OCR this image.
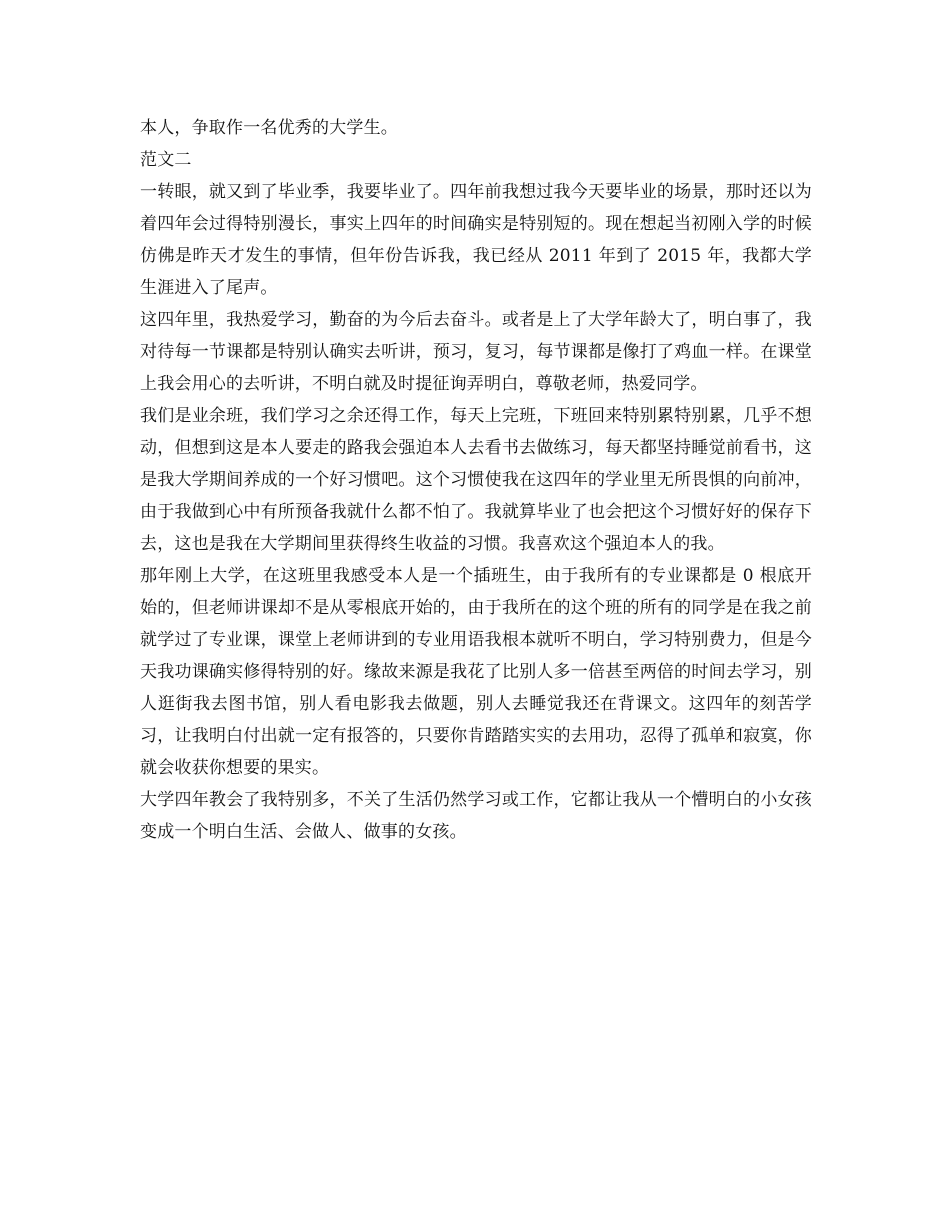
本人，争取作一名优秀的大学生。

范文二

一转眼，就又到了毕业季，我要毕业了。四年前我想过我今天要毕业的场景，那时还以为着四年会过得特别漫长，事实上四年的时间确实是特别短的。现在想起当初刚入学的时候仿佛是昨天才发生的事情，但年份告诉我，我已经从 2011 年到了 2015 年，我都大学生涯进入了尾声。

这四年里，我热爱学习，勤奋的为今后去奋斗。或者是上了大学年龄大了，明白事了，我对待每一节课都是特别认确实去听讲，预习，复习，每节课都是像打了鸡血一样。在课堂上我会用心的去听讲，不明白就及时提征询弄明白，尊敬老师，热爱同学。

我们是业余班，我们学习之余还得工作，每天上完班，下班回来特别累特别累，几乎不想动，但想到这是本人要走的路我会强迫本人去看书去做练习，每天都坚持睡觉前看书，这是我大学期间养成的一个好习惯吧。这个习惯使我在这四年的学业里无所畏惧的向前冲，由于我做到心中有所预备我就什么都不怕了。我就算毕业了也会把这个习惯好好的保存下去，这也是我在大学期间里获得终生收益的习惯。我喜欢这个强迫本人的我。

那年刚上大学，在这班里我感受本人是一个插班生，由于我所有的专业课都是 0 根底开始的，但老师讲课却不是从零根底开始的，由于我所在的这个班的所有的同学是在我之前就学过了专业课，课堂上老师讲到的专业用语我根本就听不明白，学习特别费力，但是今天我功课确实修得特别的好。缘故来源是我花了比别人多一倍甚至两倍的时间去学习，别人逛街我去图书馆，别人看电影我去做题，别人去睡觉我还在背课文。这四年的刻苦学习，让我明白付出就一定有报答的，只要你肯踏踏实实的去用功，忍得了孤单和寂寞，你就会收获你想要的果实。

大学四年教会了我特别多，不关了生活仍然学习或工作，它都让我从一个懵明白的小女孩变成一个明白生活、会做人、做事的女孩。
